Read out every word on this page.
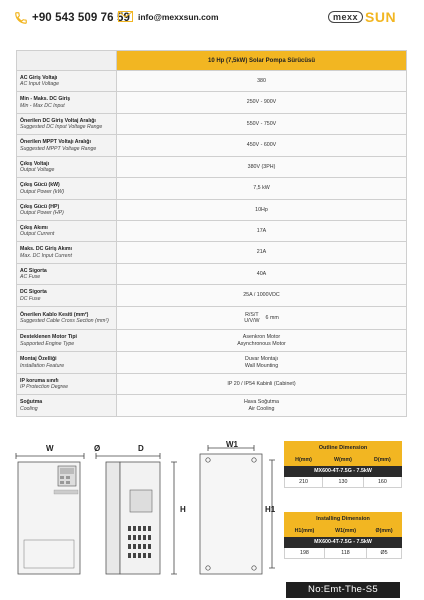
+90 543 509 76 59 info@mexxsun.com	mexx SUN
	10 Hp (7,5kW) Solar Pompa Sürücüsü

AC Giriş Voltajı
AC Input Voltage	380

Min - Maks. DC Giriş
Min - Max DC Input	250V - 900V

Önerilen DC Giriş Voltaj Aralığı
Suggested DC Input Voltage Range	550V - 750V

Önerilen MPPT Voltajı Aralığı
Suggested MPPT Voltage Range	450V - 600V

Çıkış Voltajı
Output Voltage	380V (3PH)

Çıkış Gücü (kW)
Output Power (kW)	7,5 kW

Çıkış Gücü (HP)
Output Power (HP)	10Hp

Çıkış Akımı
Output Current	17A

Maks. DC Giriş Akımı
Max. DC Input Current	21A

AC Sigorta
AC Fuse	40A

DC Sigorta
DC Fuse	25A / 1000VDC

Önerilen Kablo Kesiti (mm²)
Suggested Cable Cross Section (mm²)	R/S/T
U/V/W 6 mm

Desteklenen Motor Tipi
Supported Engine Type	Asenkron Motor
Asynchronous Motor

Montaj Özelliği
Installation Feature	Duvar Montajı
Wall Mounting

IP koruma sınıfı
IP Protection Degree	IP 20 / IP54 Kabinli (Cabinet)

Soğutma
Cooling	Hava Soğutma
Air Cooling
W	Ø	D	W1
H	H1
Outline Dimension		
H(mm)	W(mm)	D(mm)
MX600-4T-7.5G - 7.5kW		
210	130	160
Installing Dimension		
H1(mm)	W1(mm)	Ø(mm)
MX600-4T-7.5G - 7.5kW		
198	118	Ø5
No:Emt-The-S5
